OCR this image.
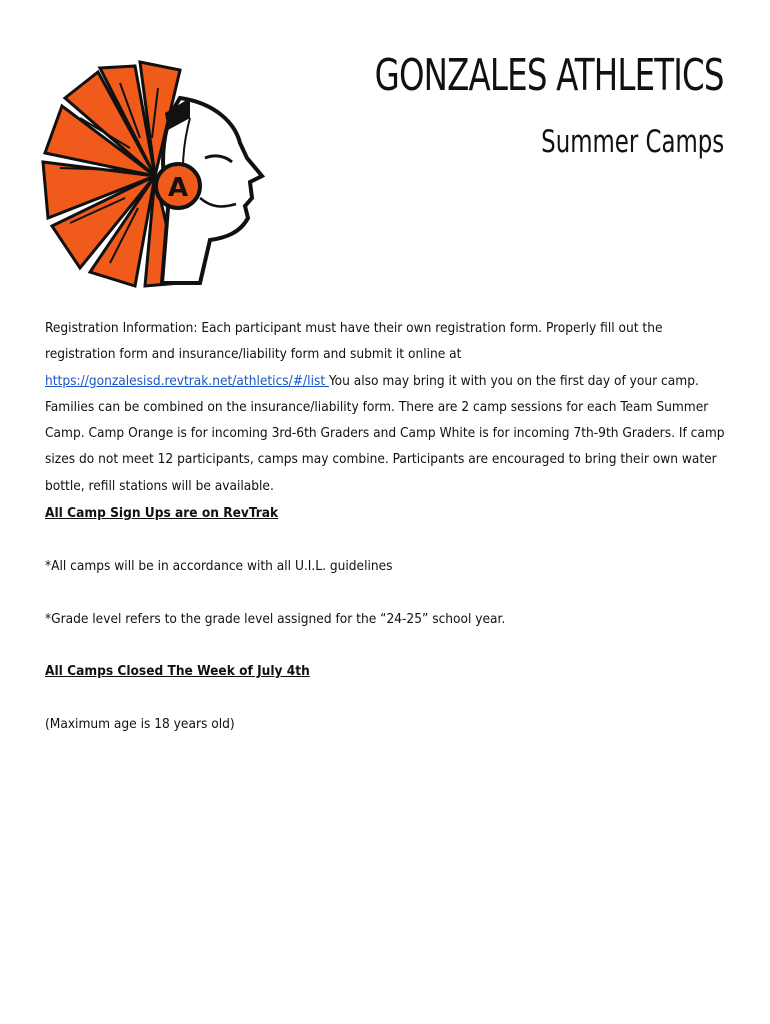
A
GONZALES ATHLETICS
Summer Camps

Registration Information: Each participant must have their own registration form. Properly fill out the registration form and insurance/liability form and submit it online at https://gonzalesisd.revtrak.net/athletics/#/list You also may bring it with you on the first day of your camp. Families can be combined on the insurance/liability form. There are 2 camp sessions for each Team Summer Camp. Camp Orange is for incoming 3rd-6th Graders and Camp White is for incoming 7th-9th Graders. If camp sizes do not meet 12 participants, camps may combine. Participants are encouraged to bring their own water bottle, refill stations will be available.

All Camp Sign Ups are on RevTrak

*All camps will be in accordance with all U.I.L. guidelines

*Grade level refers to the grade level assigned for the “24-25” school year.

All Camps Closed The Week of July 4th

(Maximum age is 18 years old)
